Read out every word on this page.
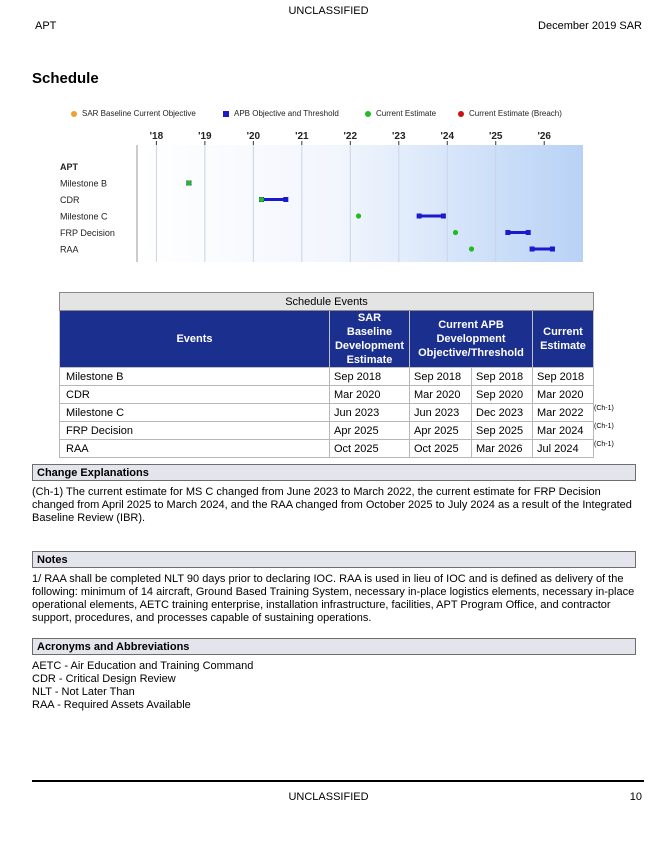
UNCLASSIFIED
APT	December 2019 SAR
Schedule
SAR Baseline Current Objective	APB Objective and Threshold	Current Estimate	Current Estimate (Breach)
'18	'19	'20	'21	'22	'23	'24	'25	'26
APT
Milestone B
CDR
Milestone C
FRP Decision
RAA
Schedule Events				
Events	SAR Baseline Development Estimate	Current APB Development Objective/Threshold		Current Estimate
Milestone B	Sep 2018	Sep 2018	Sep 2018	Sep 2018
CDR	Mar 2020	Mar 2020	Sep 2020	Mar 2020
Milestone C	Jun 2023	Jun 2023	Dec 2023	Mar 2022
FRP Decision	Apr 2025	Apr 2025	Sep 2025	Mar 2024
RAA	Oct 2025	Oct 2025	Mar 2026	Jul 2024
(Ch-1)
(Ch-1)
(Ch-1)
Change Explanations
(Ch-1) The current estimate for MS C changed from June 2023 to March 2022, the current estimate for FRP Decision changed from April 2025 to March 2024, and the RAA changed from October 2025 to July 2024 as a result of the Integrated Baseline Review (IBR).
Notes
1/ RAA shall be completed NLT 90 days prior to declaring IOC. RAA is used in lieu of IOC and is defined as delivery of the following: minimum of 14 aircraft, Ground Based Training System, necessary in-place logistics elements, necessary in-place operational elements, AETC training enterprise, installation infrastructure, facilities, APT Program Office, and contractor support, procedures, and processes capable of sustaining operations.
Acronyms and Abbreviations
AETC - Air Education and Training Command
CDR - Critical Design Review
NLT - Not Later Than
RAA - Required Assets Available
UNCLASSIFIED	10
